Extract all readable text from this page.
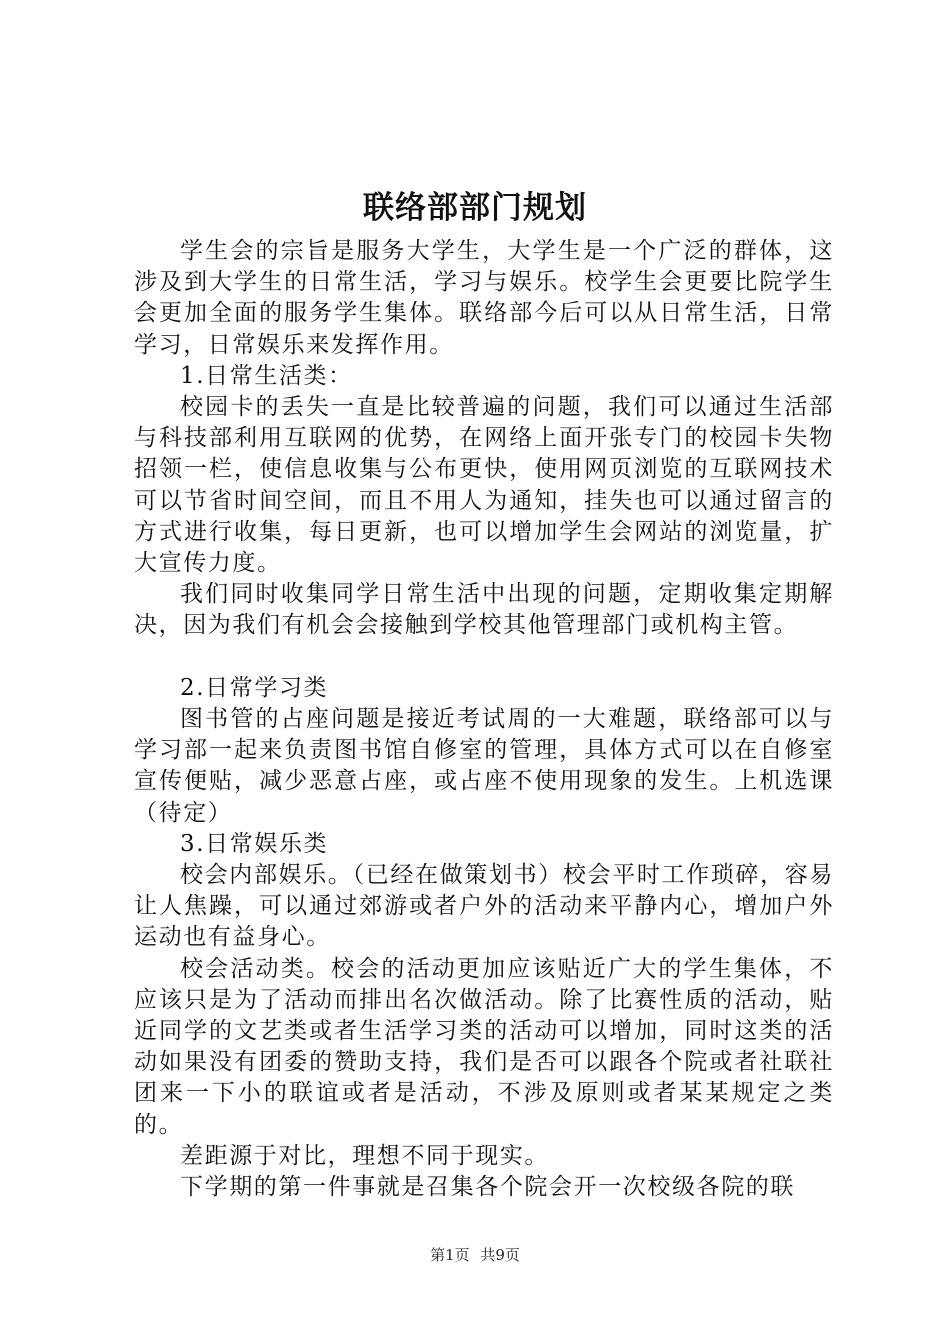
联络部部门规划

学生会的宗旨是服务大学生，大学生是一个广泛的群体，这涉及到大学生的日常生活，学习与娱乐。校学生会更要比院学生会更加全面的服务学生集体。联络部今后可以从日常生活，日常学习，日常娱乐来发挥作用。

1.日常生活类：

校园卡的丢失一直是比较普遍的问题，我们可以通过生活部与科技部利用互联网的优势，在网络上面开张专门的校园卡失物招领一栏，使信息收集与公布更快，使用网页浏览的互联网技术可以节省时间空间，而且不用人为通知，挂失也可以通过留言的方式进行收集，每日更新，也可以增加学生会网站的浏览量，扩大宣传力度。

我们同时收集同学日常生活中出现的问题，定期收集定期解决，因为我们有机会会接触到学校其他管理部门或机构主管。

2.日常学习类

图书管的占座问题是接近考试周的一大难题，联络部可以与学习部一起来负责图书馆自修室的管理，具体方式可以在自修室宣传便贴，减少恶意占座，或占座不使用现象的发生。上机选课（待定）

3.日常娱乐类

校会内部娱乐。（已经在做策划书）校会平时工作琐碎，容易让人焦躁，可以通过郊游或者户外的活动来平静内心，增加户外运动也有益身心。

校会活动类。校会的活动更加应该贴近广大的学生集体，不应该只是为了活动而排出名次做活动。除了比赛性质的活动，贴近同学的文艺类或者生活学习类的活动可以增加，同时这类的活动如果没有团委的赞助支持，我们是否可以跟各个院或者社联社团来一下小的联谊或者是活动，不涉及原则或者某某规定之类的。

差距源于对比，理想不同于现实。

下学期的第一件事就是召集各个院会开一次校级各院的联

第1页 共9页
